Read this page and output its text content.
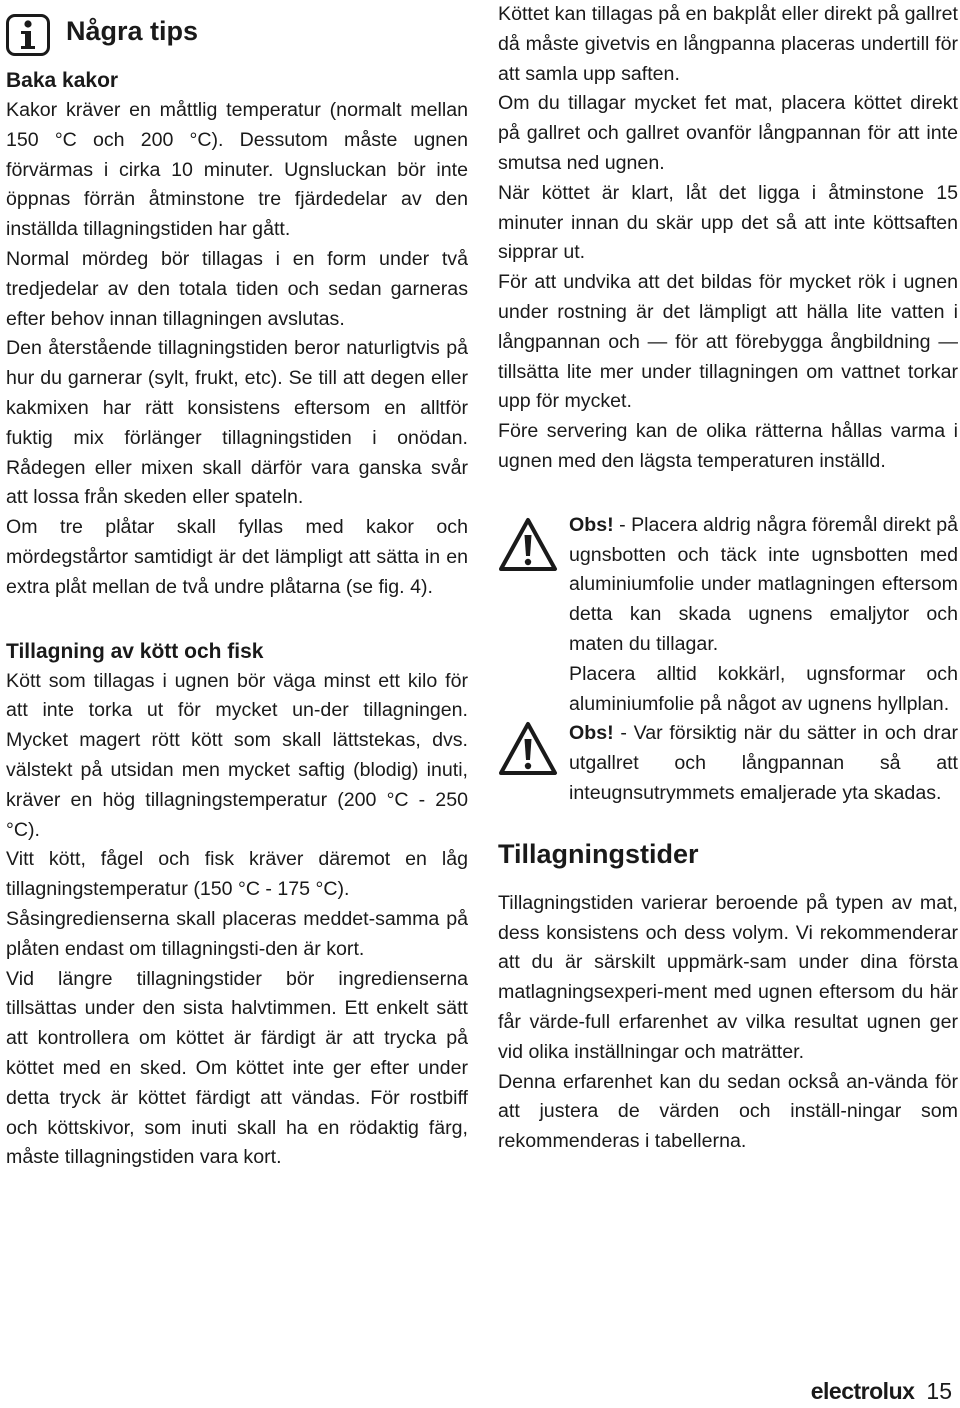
Några tips
Baka kakor

Kakor kräver en måttlig temperatur (normalt mellan 150 °C och 200 °C). Dessutom måste ugnen förvärmas i cirka 10 minuter. Ugnsluckan bör inte öppnas förrän åtminstone tre fjärdedelar av den inställda tillagningstiden har gått.

Normal mördeg bör tillagas i en form under två tredjedelar av den totala tiden och sedan garneras efter behov innan tillagningen avslutas.

Den återstående tillagningstiden beror naturligtvis på hur du garnerar (sylt, frukt, etc). Se till att degen eller kakmixen har rätt konsistens eftersom en alltför fuktig mix förlänger tillagningstiden i onödan. Rådegen eller mixen skall därför vara ganska svår att lossa från skeden eller spateln.

Om tre plåtar skall fyllas med kakor och mördegstårtor samtidigt är det lämpligt att sätta in en extra plåt mellan de två undre plåtarna (se fig. 4).

Tillagning av kött och fisk

Kött som tillagas i ugnen bör väga minst ett kilo för att inte torka ut för mycket un-der tillagningen. Mycket magert rött kött som skall lättstekas, dvs. välstekt på utsidan men mycket saftig (blodig) inuti, kräver en hög tillagningstemperatur (200 °C - 250 °C).

Vitt kött, fågel och fisk kräver däremot en låg tillagningstemperatur (150 °C - 175 °C).

Såsingredienserna skall placeras meddet-samma på plåten endast om tillagningsti-den är kort.

Vid längre tillagningstider bör ingredienserna tillsättas under den sista halvtimmen. Ett enkelt sätt att kontrollera om köttet är färdigt är att trycka på köttet med en sked. Om köttet inte ger efter under detta tryck är köttet färdigt att vändas. För rostbiff och köttskivor, som inuti skall ha en rödaktig färg, måste tillagningstiden vara kort.

Köttet kan tillagas på en bakplåt eller direkt på gallret då måste givetvis en långpanna placeras undertill för att samla upp saften.

Om du tillagar mycket fet mat, placera köttet direkt på gallret och gallret ovanför långpannan för att inte smutsa ned ugnen.

När köttet är klart, låt det ligga i åtminstone 15 minuter innan du skär upp det så att inte köttsaften sipprar ut.

För att undvika att det bildas för mycket rök i ugnen under rostning är det lämpligt att hälla lite vatten i långpannan och — för att förebygga ångbildning — tillsätta lite mer under tillagningen om vattnet torkar upp för mycket.

Före servering kan de olika rätterna hållas varma i ugnen med den lägsta temperaturen inställd.

Obs! - Placera aldrig några föremål direkt på ugnsbotten och täck inte ugnsbotten med aluminiumfolie under matlagningen eftersom detta kan skada ugnens emaljytor och maten du tillagar.

Placera alltid kokkärl, ugnsformar och aluminiumfolie på något av ugnens hyllplan.

Obs! - Var försiktig när du sätter in och drar utgallret och långpannan så att inteugnsutrymmets emaljerade yta skadas.

Tillagningstider

Tillagningstiden varierar beroende på typen av mat, dess konsistens och dess volym. Vi rekommenderar att du är särskilt uppmärk-sam under dina första matlagningsexperi-ment med ugnen eftersom du här får värde-full erfarenhet av vilka resultat ugnen ger vid olika inställningar och maträtter.

Denna erfarenhet kan du sedan också an-vända för att justera de värden och inställ-ningar som rekommenderas i tabellerna.

electrolux 15
